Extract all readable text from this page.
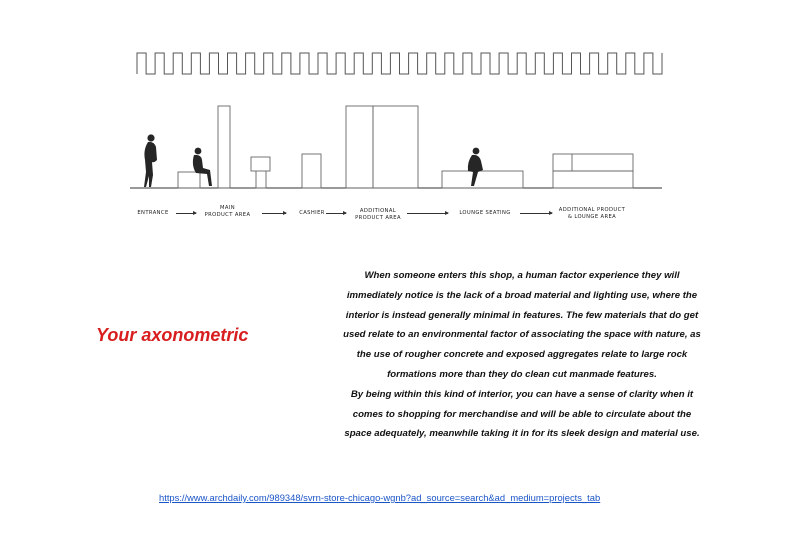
ENTRANCE
MAIN
PRODUCT AREA	CASHIER	ADDITIONAL
PRODUCT AREA
LOUNGE SEATING	ADDITIONAL PRODUCT
& LOUNGE AREA
Your axonometric

When someone enters this shop, a human factor experience they will immediately notice is the lack of a broad material and lighting use, where the interior is instead generally minimal in features. The few materials that do get used relate to an environmental factor of associating the space with nature, as the use of rougher concrete and exposed aggregates relate to large rock formations more than they do clean cut manmade features.

By being within this kind of interior, you can have a sense of clarity when it comes to shopping for merchandise and will be able to circulate about the space adequately, meanwhile taking it in for its sleek design and material use.

https://www.archdaily.com/989348/svrn-store-chicago-wgnb?ad_source=search&ad_medium=projects_tab
